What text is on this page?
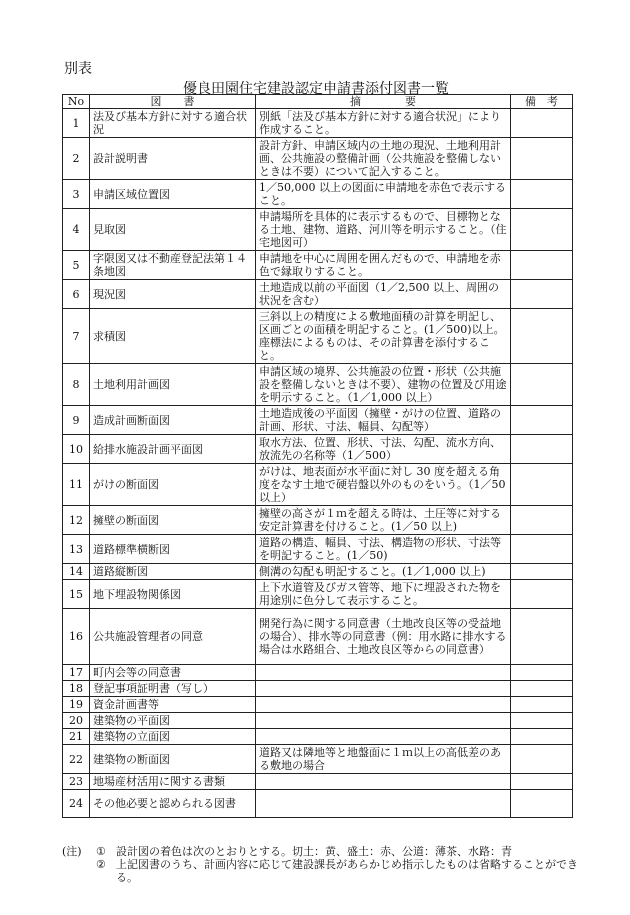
別表
優良田園住宅建設認定申請書添付図書一覧
No	図　　書	摘　　　　要	備　考
1	法及び基本方針に対する適合状況	別紙「法及び基本方針に対する適合状況」により作成すること。	
2	設計説明書	設計方針、申請区域内の土地の現況、土地利用計画、公共施設の整備計画（公共施設を整備しないときは不要）について記入すること。	
3	申請区域位置図	1／50,000 以上の図面に申請地を赤色で表示すること。	
4	見取図	申請場所を具体的に表示するもので、目標物となる土地、建物、道路、河川等を明示すること。（住宅地図可）	
5	字限図又は不動産登記法第１４条地図	申請地を中心に周囲を囲んだもので、申請地を赤色で縁取りすること。	
6	現況図	土地造成以前の平面図（1／2,500 以上、周囲の状況を含む）	
7	求積図	三斜以上の精度による敷地面積の計算を明記し、区画ごとの面積を明記すること。(1／500)以上。座標法によるものは、その計算書を添付すること。	
8	土地利用計画図	申請区域の境界、公共施設の位置・形状（公共施設を整備しないときは不要）、建物の位置及び用途を明示すること。（1／1,000 以上）	
9	造成計画断面図	土地造成後の平面図（擁壁・がけの位置、道路の計画、形状、寸法、幅員、勾配等）	
10	給排水施設計画平面図	取水方法、位置、形状、寸法、勾配、流水方向、放流先の名称等（1／500）	
11	がけの断面図	がけは、地表面が水平面に対し 30 度を超える角度をなす土地で硬岩盤以外のものをいう。（1／50 以上）	
12	擁壁の断面図	擁壁の高さが１ｍを超える時は、土圧等に対する安定計算書を付けること。(1／50 以上)	
13	道路標準横断図	道路の構造、幅員、寸法、構造物の形状、寸法等を明記すること。(1／50)	
14	道路縦断図	側溝の勾配も明記すること。(1／1,000 以上)	
15	地下埋設物関係図	上下水道管及びガス管等、地下に埋設された物を用途別に色分して表示すること。	
16	公共施設管理者の同意	開発行為に関する同意書（土地改良区等の受益地の場合）、排水等の同意書（例：用水路に排水する場合は水路組合、土地改良区等からの同意書）	
17	町内会等の同意書		
18	登記事項証明書（写し）		
19	資金計画書等		
20	建築物の平面図		
21	建築物の立面図		
22	建築物の断面図	道路又は隣地等と地盤面に１ｍ以上の高低差のある敷地の場合	
23	地場産材活用に関する書類		
24	その他必要と認められる図書		
(注)	① 設計図の着色は次のとおりとする。切土：黄、盛土：赤、公道：薄茶、水路：青
② 上記図書のうち、計画内容に応じて建設課長があらかじめ指示したものは省略することができる。
